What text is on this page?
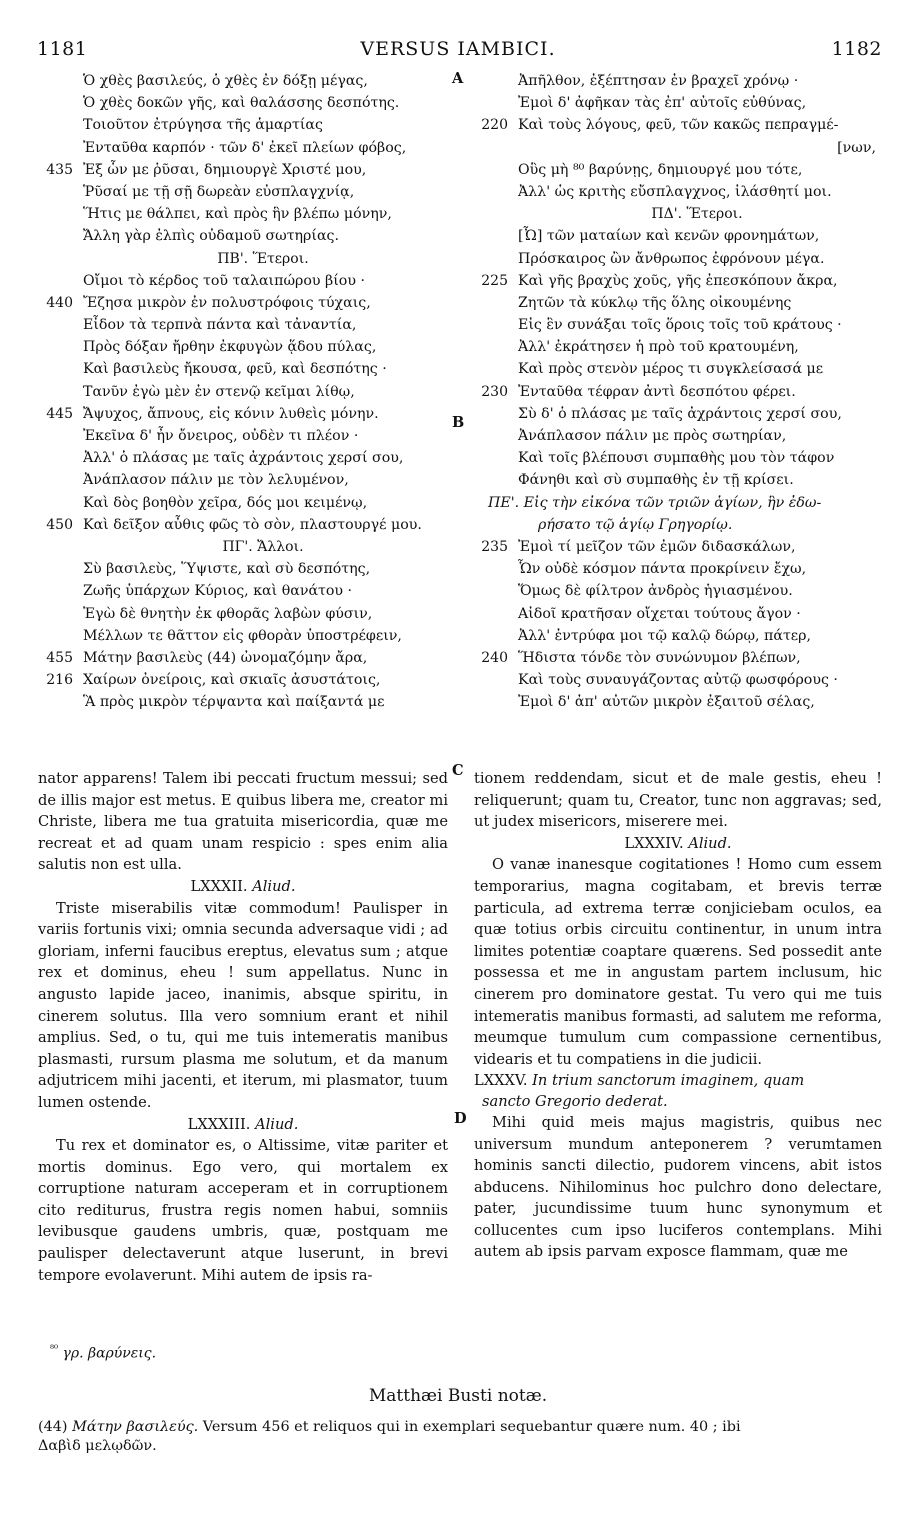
VERSUS IAMBICI.
1181	1182
A
B
C
D
Ὁ χθὲς βασιλεύς, ὁ χθὲς ἐν δόξῃ μέγας,
Ὁ χθὲς δοκῶν γῆς, καὶ θαλάσσης δεσπότης.
Τοιοῦτον ἐτρύγησα τῆς ἁμαρτίας
Ἐνταῦθα καρπόν · τῶν δ' ἐκεῖ πλείων φόβος,
435 Ἐξ ὧν με ῥῦσαι, δημιουργὲ Χριστέ μου,
Ῥῦσαί με τῇ σῇ δωρεὰν εὐσπλαγχνίᾳ,
Ἥτις με θάλπει, καὶ πρὸς ἣν βλέπω μόνην,
Ἄλλη γὰρ ἐλπὶς οὐδαμοῦ σωτηρίας.
ΠΒ'. Ἕτεροι.
Οἴμοι τὸ κέρδος τοῦ ταλαιπώρου βίου ·
440 Ἔζησα μικρὸν ἐν πολυστρόφοις τύχαις,
Εἶδον τὰ τερπνὰ πάντα καὶ τἀναντία,
Πρὸς δόξαν ἤρθην ἐκφυγὼν ᾅδου πύλας,
Καὶ βασιλεὺς ἤκουσα, φεῦ, καὶ δεσπότης ·
Τανῦν ἐγὼ μὲν ἐν στενῷ κεῖμαι λίθῳ,
445 Ἄψυχος, ἄπνους, εἰς κόνιν λυθεὶς μόνην.
Ἐκεῖνα δ' ἦν ὄνειρος, οὐδὲν τι πλέον ·
Ἀλλ' ὁ πλάσας με ταῖς ἀχράντοις χερσί σου,
Ἀνάπλασον πάλιν με τὸν λελυμένον,
Καὶ δὸς βοηθὸν χεῖρα, δός μοι κειμένῳ,
450 Καὶ δεῖξον αὖθις φῶς τὸ σὸν, πλαστουργέ μου.
ΠΓ'. Ἄλλοι.
Σὺ βασιλεὺς, Ὕψιστε, καὶ σὺ δεσπότης,
Ζωῆς ὑπάρχων Κύριος, καὶ θανάτου ·
Ἐγὼ δὲ θνητὴν ἐκ φθορᾶς λαβὼν φύσιν,
Μέλλων τε θᾶττον εἰς φθορὰν ὑποστρέφειν,
455 Μάτην βασιλεὺς (44) ὠνομαζόμην ἄρα,
216 Χαίρων ὀνείροις, καὶ σκιαῖς ἀσυστάτοις,
Ἃ πρὸς μικρὸν τέρψαντα καὶ παίξαντά με
Ἀπῆλθον, ἐξέπτησαν ἐν βραχεῖ χρόνῳ ·
Ἐμοὶ δ' ἀφῆκαν τὰς ἐπ' αὐτοῖς εὐθύνας,
220 Καὶ τοὺς λόγους, φεῦ, τῶν κακῶς πεπραγμέ-
[νων,
Οὓς μὴ ⁸⁰ βαρύνῃς, δημιουργέ μου τότε,
Ἀλλ' ὡς κριτὴς εὔσπλαγχνος, ἱλάσθητί μοι.
ΠΔ'. Ἕτεροι.
[Ὦ] τῶν ματαίων καὶ κενῶν φρονημάτων,
Πρόσκαιρος ὢν ἄνθρωπος ἐφρόνουν μέγα.
225 Καὶ γῆς βραχὺς χοῦς, γῆς ἐπεσκόπουν ἄκρα,
Ζητῶν τὰ κύκλῳ τῆς ὅλης οἰκουμένης
Εἰς ἓν συνάξαι τοῖς ὅροις τοῖς τοῦ κράτους ·
Ἀλλ' ἐκράτησεν ἡ πρὸ τοῦ κρατουμένη,
Καὶ πρὸς στενὸν μέρος τι συγκλείσασά με
230 Ἐνταῦθα τέφραν ἀντὶ δεσπότου φέρει.
Σὺ δ' ὁ πλάσας με ταῖς ἀχράντοις χερσί σου,
Ἀνάπλασον πάλιν με πρὸς σωτηρίαν,
Καὶ τοῖς βλέπουσι συμπαθὴς μου τὸν τάφον
Φάνηθι καὶ σὺ συμπαθὴς ἐν τῇ κρίσει.
ΠΕ'. Εἰς τὴν εἰκόνα τῶν τριῶν ἁγίων, ἣν ἐδω-
ρήσατο τῷ ἁγίῳ Γρηγορίῳ.
235 Ἐμοὶ τί μεῖζον τῶν ἐμῶν διδασκάλων,
Ὧν οὐδὲ κόσμον πάντα προκρίνειν ἔχω,
Ὅμως δὲ φίλτρον ἀνδρὸς ἡγιασμένου.
Αἰδοῖ κρατῆσαν οἴχεται τούτους ἄγον ·
Ἀλλ' ἐντρύφα μοι τῷ καλῷ δώρῳ, πάτερ,
240 Ἥδιστα τόνδε τὸν συνώνυμον βλέπων,
Καὶ τοὺς συναυγάζοντας αὐτῷ φωσφόρους ·
Ἐμοὶ δ' ἀπ' αὐτῶν μικρὸν ἐξαιτοῦ σέλας,

nator apparens! Talem ibi peccati fructum messui; sed de illis major est metus. E quibus libera me, creator mi Christe, libera me tua gratuita misericordia, quæ me recreat et ad quam unam respicio : spes enim alia salutis non est ulla.

LXXXII. Aliud.

Triste miserabilis vitæ commodum! Paulisper in variis fortunis vixi; omnia secunda adversaque vidi ; ad gloriam, inferni faucibus ereptus, elevatus sum ; atque rex et dominus, eheu ! sum appellatus. Nunc in angusto lapide jaceo, inanimis, absque spiritu, in cinerem solutus. Illa vero somnium erant et nihil amplius. Sed, o tu, qui me tuis intemeratis manibus plasmasti, rursum plasma me solutum, et da manum adjutricem mihi jacenti, et iterum, mi plasmator, tuum lumen ostende.

LXXXIII. Aliud.

Tu rex et dominator es, o Altissime, vitæ pariter et mortis dominus. Ego vero, qui mortalem ex corruptione naturam acceperam et in corruptionem cito rediturus, frustra regis nomen habui, somniis levibusque gaudens umbris, quæ, postquam me paulisper delectaverunt atque luserunt, in brevi tempore evolaverunt. Mihi autem de ipsis ra-

tionem reddendam, sicut et de male gestis, eheu ! reliquerunt; quam tu, Creator, tunc non aggravas; sed, ut judex misericors, miserere mei.

LXXXIV. Aliud.

O vanæ inanesque cogitationes ! Homo cum essem temporarius, magna cogitabam, et brevis terræ particula, ad extrema terræ conjiciebam oculos, ea quæ totius orbis circuitu continentur, in unum intra limites potentiæ coaptare quærens. Sed possedit ante possessa et me in angustam partem inclusum, hic cinerem pro dominatore gestat. Tu vero qui me tuis intemeratis manibus formasti, ad salutem me reforma, meumque tumulum cum compassione cernentibus, videaris et tu compatiens in die judicii.

LXXXV. In trium sanctorum imaginem, quam

sancto Gregorio dederat.

Mihi quid meis majus magistris, quibus nec universum mundum anteponerem ? verumtamen hominis sancti dilectio, pudorem vincens, abit istos abducens. Nihilominus hoc pulchro dono delectare, pater, jucundissime tuum hunc synonymum et collucentes cum ipso luciferos contemplans. Mihi autem ab ipsis parvam exposce flammam, quæ me

$^{^{80}}$ γρ. βαρύνεις.
Matthæi Busti notæ.
(44) Μάτην βασιλεύς. Versum 456 et reliquos qui in exemplari sequebantur quære num. 40 ; ibi
Δαβὶδ μελῳδῶν.
